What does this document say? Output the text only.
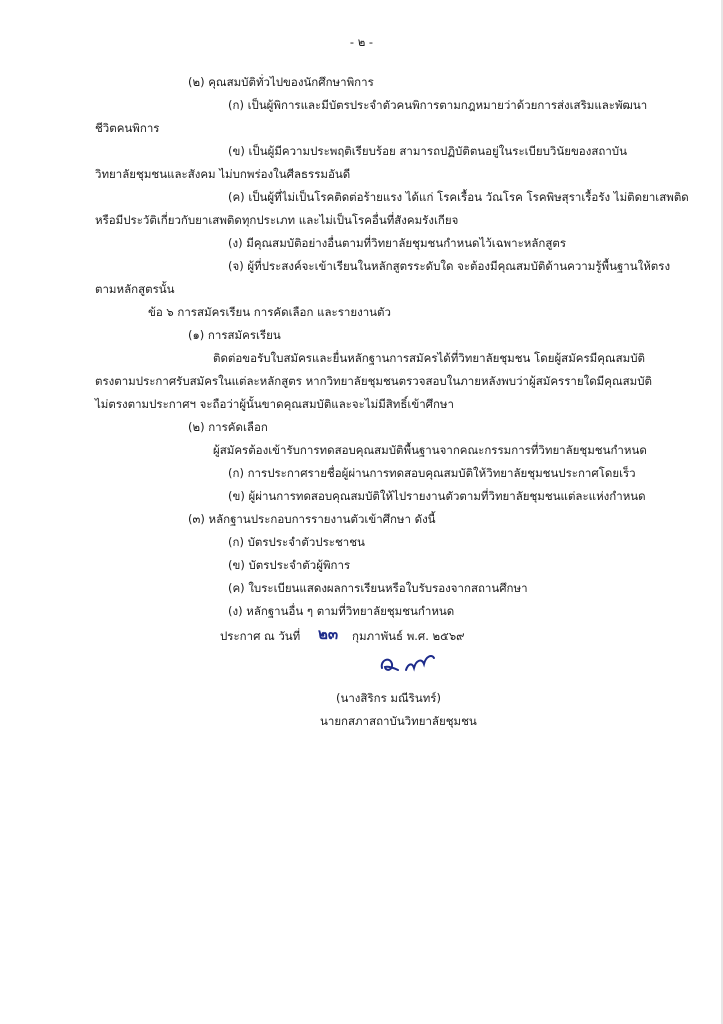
- ๒ -
(๒) คุณสมบัติทั่วไปของนักศึกษาพิการ
(ก) เป็นผู้พิการและมีบัตรประจำตัวคนพิการตามกฎหมายว่าด้วยการส่งเสริมและพัฒนา
ชีวิตคนพิการ
(ข) เป็นผู้มีความประพฤติเรียบร้อย สามารถปฏิบัติตนอยู่ในระเบียบวินัยของสถาบัน
วิทยาลัยชุมชนและสังคม ไม่บกพร่องในศีลธรรมอันดี
(ค) เป็นผู้ที่ไม่เป็นโรคติดต่อร้ายแรง ได้แก่ โรคเรื้อน วัณโรค โรคพิษสุราเรื้อรัง ไม่ติดยาเสพติด
หรือมีประวัติเกี่ยวกับยาเสพติดทุกประเภท และไม่เป็นโรคอื่นที่สังคมรังเกียจ
(ง) มีคุณสมบัติอย่างอื่นตามที่วิทยาลัยชุมชนกำหนดไว้เฉพาะหลักสูตร
(จ) ผู้ที่ประสงค์จะเข้าเรียนในหลักสูตรระดับใด จะต้องมีคุณสมบัติด้านความรู้พื้นฐานให้ตรง
ตามหลักสูตรนั้น
ข้อ ๖ การสมัครเรียน การคัดเลือก และรายงานตัว
(๑) การสมัครเรียน
ติดต่อขอรับใบสมัครและยื่นหลักฐานการสมัครได้ที่วิทยาลัยชุมชน โดยผู้สมัครมีคุณสมบัติ
ตรงตามประกาศรับสมัครในแต่ละหลักสูตร หากวิทยาลัยชุมชนตรวจสอบในภายหลังพบว่าผู้สมัครรายใดมีคุณสมบัติ
ไม่ตรงตามประกาศฯ จะถือว่าผู้นั้นขาดคุณสมบัติและจะไม่มีสิทธิ์เข้าศึกษา
(๒) การคัดเลือก
ผู้สมัครต้องเข้ารับการทดสอบคุณสมบัติพื้นฐานจากคณะกรรมการที่วิทยาลัยชุมชนกำหนด
(ก) การประกาศรายชื่อผู้ผ่านการทดสอบคุณสมบัติให้วิทยาลัยชุมชนประกาศโดยเร็ว
(ข) ผู้ผ่านการทดสอบคุณสมบัติให้ไปรายงานตัวตามที่วิทยาลัยชุมชนแต่ละแห่งกำหนด
(๓) หลักฐานประกอบการรายงานตัวเข้าศึกษา ดังนี้
(ก) บัตรประจำตัวประชาชน
(ข) บัตรประจำตัวผู้พิการ
(ค) ใบระเบียนแสดงผลการเรียนหรือใบรับรองจากสถานศึกษา
(ง) หลักฐานอื่น ๆ ตามที่วิทยาลัยชุมชนกำหนด
ประกาศ ณ วันที่ ๒๓ กุมภาพันธ์ พ.ศ. ๒๕๖๙
(นางสิริกร มณีรินทร์)
นายกสภาสถาบันวิทยาลัยชุมชน
